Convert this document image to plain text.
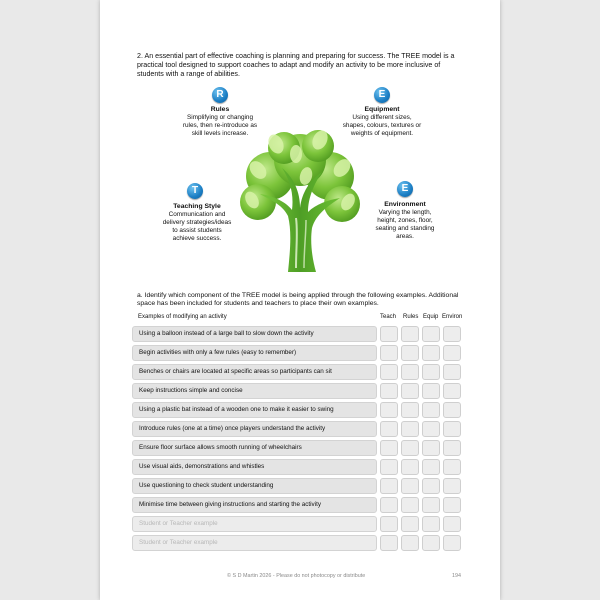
2. An essential part of effective coaching is planning and preparing for success. The TREE model is a practical tool designed to support coaches to adapt and modify an activity to be more inclusive of students with a range of abilities.

R
Rules
Simplifying or changing rules, then re-introduce as skill levels increase.
E
Equipment
Using different sizes, shapes, colours, textures or weights of equipment.
T
Teaching Style
Communication and delivery strategies/ideas to assist students achieve success.
E
Environment
Varying the length, height, zones, floor, seating and standing areas.

a. Identify which component of the TREE model is being applied through the following examples. Additional space has been included for students and teachers to place their own examples.

Examples of modifying an activity	Teach Rules Equip Environ
Using a balloon instead of a large ball to slow down the activity
Begin activities with only a few rules (easy to remember)
Benches or chairs are located at specific areas so participants can sit
Keep instructions simple and concise
Using a plastic bat instead of a wooden one to make it easier to swing
Introduce rules (one at a time) once players understand the activity
Ensure floor surface allows smooth running of wheelchairs
Use visual aids, demonstrations and whistles
Use questioning to check student understanding
Minimise time between giving instructions and starting the activity
Student or Teacher example
Student or Teacher example
© S D Martin 2026 - Please do not photocopy or distribute	194
